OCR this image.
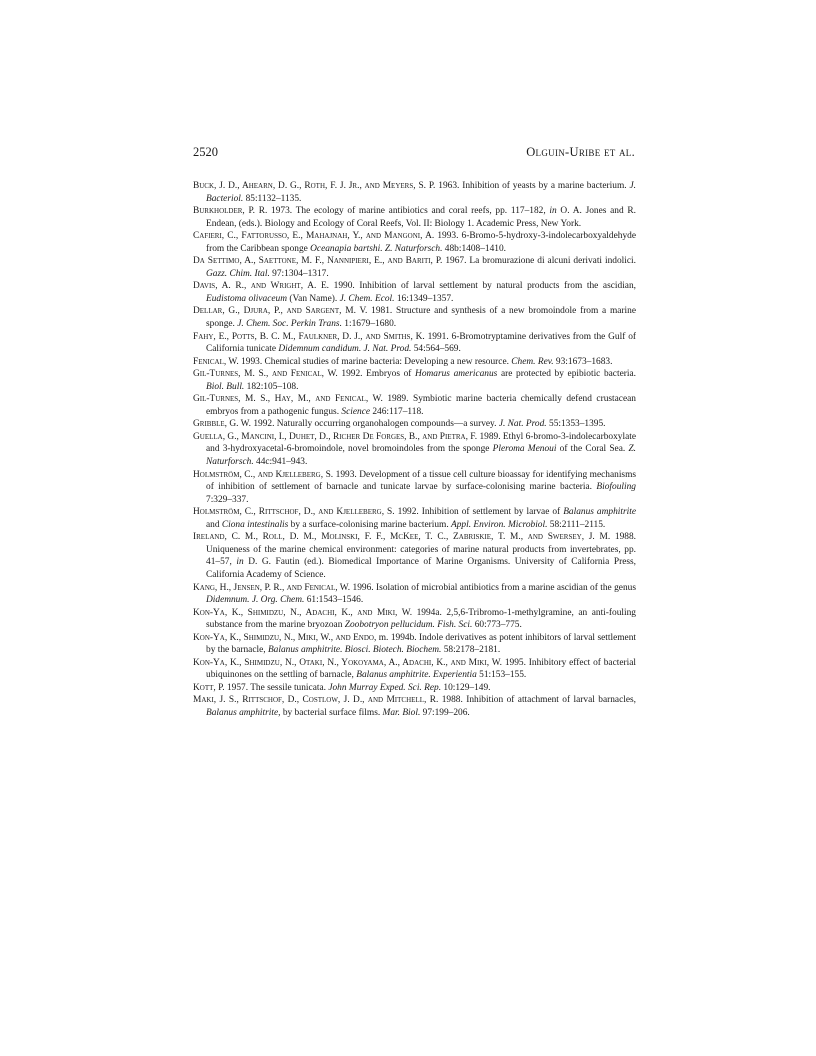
2520	Olguin-Uribe et al.
Buck, J. D., Ahearn, D. G., Roth, F. J. Jr., and Meyers, S. P. 1963. Inhibition of yeasts by a marine bacterium. J. Bacteriol. 85:1132–1135.
Burkholder, P. R. 1973. The ecology of marine antibiotics and coral reefs, pp. 117–182, in O. A. Jones and R. Endean, (eds.). Biology and Ecology of Coral Reefs, Vol. II: Biology 1. Academic Press, New York.
Cafieri, C., Fattorusso, E., Mahajnah, Y., and Mangoni, A. 1993. 6-Bromo-5-hydroxy-3-indolecarboxyaldehyde from the Caribbean sponge Oceanapia bartshi. Z. Naturforsch. 48b:1408–1410.
Da Settimo, A., Saettone, M. F., Nannipieri, E., and Bariti, P. 1967. La bromurazione di alcuni derivati indolici. Gazz. Chim. Ital. 97:1304–1317.
Davis, A. R., and Wright, A. E. 1990. Inhibition of larval settlement by natural products from the ascidian, Eudistoma olivaceum (Van Name). J. Chem. Ecol. 16:1349–1357.
Dellar, G., Djura, P., and Sargent, M. V. 1981. Structure and synthesis of a new bromoindole from a marine sponge. J. Chem. Soc. Perkin Trans. 1:1679–1680.
Fahy, E., Potts, B. C. M., Faulkner, D. J., and Smiths, K. 1991. 6-Bromotryptamine derivatives from the Gulf of California tunicate Didemnum candidum. J. Nat. Prod. 54:564–569.
Fenical, W. 1993. Chemical studies of marine bacteria: Developing a new resource. Chem. Rev. 93:1673–1683.
Gil-Turnes, M. S., and Fenical, W. 1992. Embryos of Homarus americanus are protected by epibiotic bacteria. Biol. Bull. 182:105–108.
Gil-Turnes, M. S., Hay, M., and Fenical, W. 1989. Symbiotic marine bacteria chemically defend crustacean embryos from a pathogenic fungus. Science 246:117–118.
Gribble, G. W. 1992. Naturally occurring organohalogen compounds—a survey. J. Nat. Prod. 55:1353–1395.
Guella, G., Mancini, I., Duhet, D., Richer De Forges, B., and Pietra, F. 1989. Ethyl 6-bromo-3-indolecarboxylate and 3-hydroxyacetal-6-bromoindole, novel bromoindoles from the sponge Pleroma Menoui of the Coral Sea. Z. Naturforsch. 44c:941–943.
Holmström, C., and Kjelleberg, S. 1993. Development of a tissue cell culture bioassay for identifying mechanisms of inhibition of settlement of barnacle and tunicate larvae by surface-colonising marine bacteria. Biofouling 7:329–337.
Holmström, C., Rittschof, D., and Kjelleberg, S. 1992. Inhibition of settlement by larvae of Balanus amphitrite and Ciona intestinalis by a surface-colonising marine bacterium. Appl. Environ. Microbiol. 58:2111–2115.
Ireland, C. M., Roll, D. M., Molinski, F. F., McKee, T. C., Zabriskie, T. M., and Swersey, J. M. 1988. Uniqueness of the marine chemical environment: categories of marine natural products from invertebrates, pp. 41–57, in D. G. Fautin (ed.). Biomedical Importance of Marine Organisms. University of California Press, California Academy of Science.
Kang, H., Jensen, P. R., and Fenical, W. 1996. Isolation of microbial antibiotics from a marine ascidian of the genus Didemnum. J. Org. Chem. 61:1543–1546.
Kon-Ya, K., Shimidzu, N., Adachi, K., and Miki, W. 1994a. 2,5,6-Tribromo-1-methylgramine, an anti-fouling substance from the marine bryozoan Zoobotryon pellucidum. Fish. Sci. 60:773–775.
Kon-Ya, K., Shimidzu, N., Miki, W., and Endo, m. 1994b. Indole derivatives as potent inhibitors of larval settlement by the barnacle, Balanus amphitrite. Biosci. Biotech. Biochem. 58:2178–2181.
Kon-Ya, K., Shimidzu, N., Otaki, N., Yokoyama, A., Adachi, K., and Miki, W. 1995. Inhibitory effect of bacterial ubiquinones on the settling of barnacle, Balanus amphitrite. Experientia 51:153–155.
Kott, P. 1957. The sessile tunicata. John Murray Exped. Sci. Rep. 10:129–149.
Maki, J. S., Rittschof, D., Costlow, J. D., and Mitchell, R. 1988. Inhibition of attachment of larval barnacles, Balanus amphitrite, by bacterial surface films. Mar. Biol. 97:199–206.
